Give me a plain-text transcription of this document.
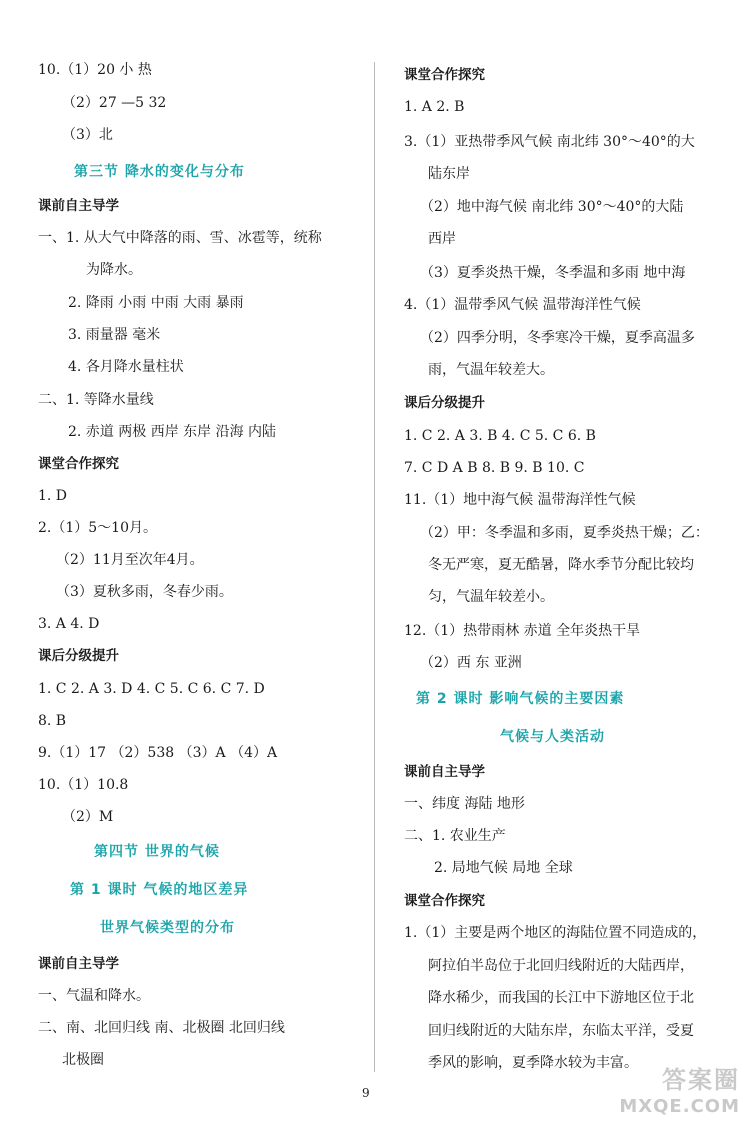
10.（1）20 小 热
（2）27 —5 32
（3）北
第三节 降水的变化与分布
课前自主导学
一、1. 从大气中降落的雨、雪、冰雹等，统称
为降水。
2. 降雨 小雨 中雨 大雨 暴雨
3. 雨量器 毫米
4. 各月降水量柱状
二、1. 等降水量线
2. 赤道 两极 西岸 东岸 沿海 内陆
课堂合作探究
1. D
2.（1）5～10月。
（2）11月至次年4月。
（3）夏秋多雨，冬春少雨。
3. A 4. D
课后分级提升
1. C 2. A 3. D 4. C 5. C 6. C 7. D
8. B
9.（1）17 （2）538 （3）A （4）A
10.（1）10.8
（2）M
第四节 世界的气候
第 1 课时 气候的地区差异
世界气候类型的分布
课前自主导学
一、气温和降水。
二、南、北回归线 南、北极圈 北回归线
北极圈
课堂合作探究
1. A 2. B
3.（1）亚热带季风气候 南北纬 30°～40°的大
陆东岸
（2）地中海气候 南北纬 30°～40°的大陆
西岸
（3）夏季炎热干燥，冬季温和多雨 地中海
4.（1）温带季风气候 温带海洋性气候
（2）四季分明，冬季寒冷干燥，夏季高温多
雨，气温年较差大。
课后分级提升
1. C 2. A 3. B 4. C 5. C 6. B
7. C D A B 8. B 9. B 10. C
11.（1）地中海气候 温带海洋性气候
（2）甲：冬季温和多雨，夏季炎热干燥；乙：
冬无严寒，夏无酷暑，降水季节分配比较均
匀，气温年较差小。
12.（1）热带雨林 赤道 全年炎热干旱
（2）西 东 亚洲
第 2 课时 影响气候的主要因素
气候与人类活动
课前自主导学
一、纬度 海陆 地形
二、1. 农业生产
2. 局地气候 局地 全球
课堂合作探究
1.（1）主要是两个地区的海陆位置不同造成的，
阿拉伯半岛位于北回归线附近的大陆西岸，
降水稀少，而我国的长江中下游地区位于北
回归线附近的大陆东岸，东临太平洋，受夏
季风的影响，夏季降水较为丰富。
9	答案圈
MXQE.COM
